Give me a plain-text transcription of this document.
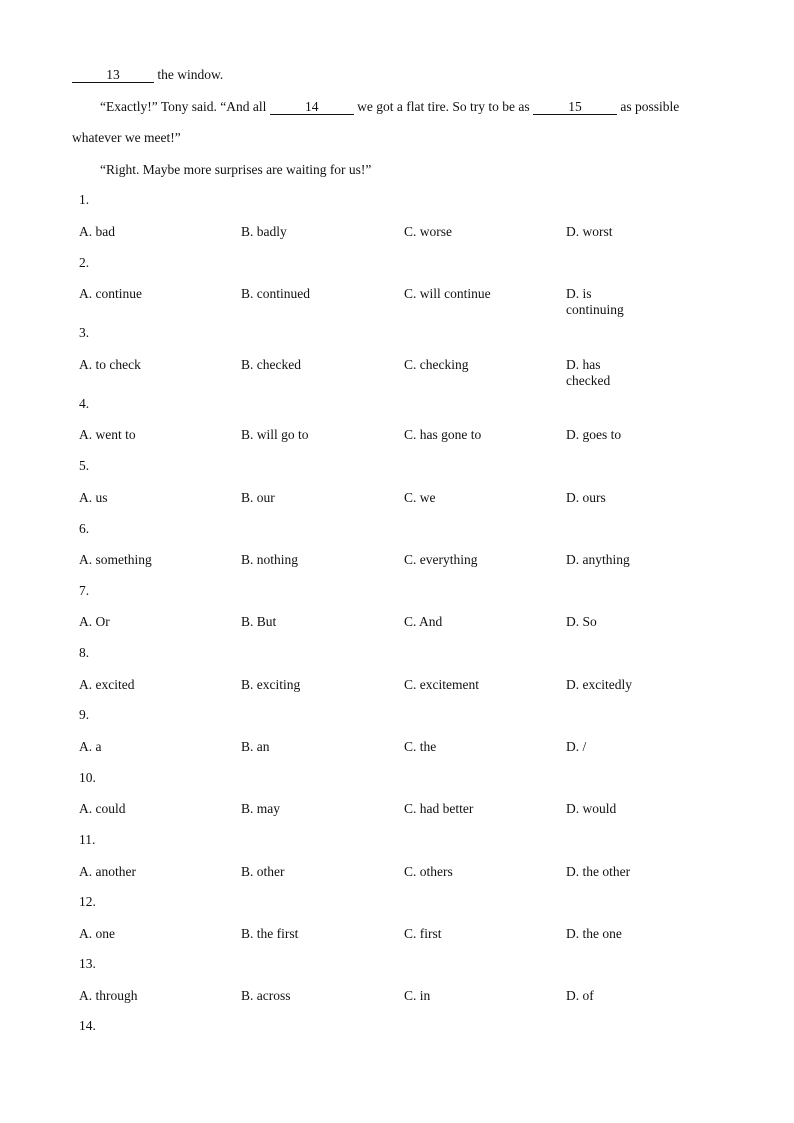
13	the window.
“Exactly!” Tony said. “And all	14	we got a flat tire. So try to be as	15	as possible
whatever we meet!”
“Right. Maybe more surprises are waiting for us!”
1.
A. bad	B. badly	C. worse	D. worst
2.
A. continue	B. continued	C. will continue	D. is continuing
3.
A. to check	B. checked	C. checking	D. has checked
4.
A. went to	B. will go to	C. has gone to	D. goes to
5.
A. us	B. our	C. we	D. ours
6.
A. something	B. nothing	C. everything	D. anything
7.
A. Or	B. But	C. And	D. So
8.
A. excited	B. exciting	C. excitement	D. excitedly
9.
A. a	B. an	C. the	D. /
10.
A. could	B. may	C. had better	D. would
11.
A. another	B. other	C. others	D. the other
12.
A. one	B. the first	C. first	D. the one
13.
A. through	B. across	C. in	D. of
14.
